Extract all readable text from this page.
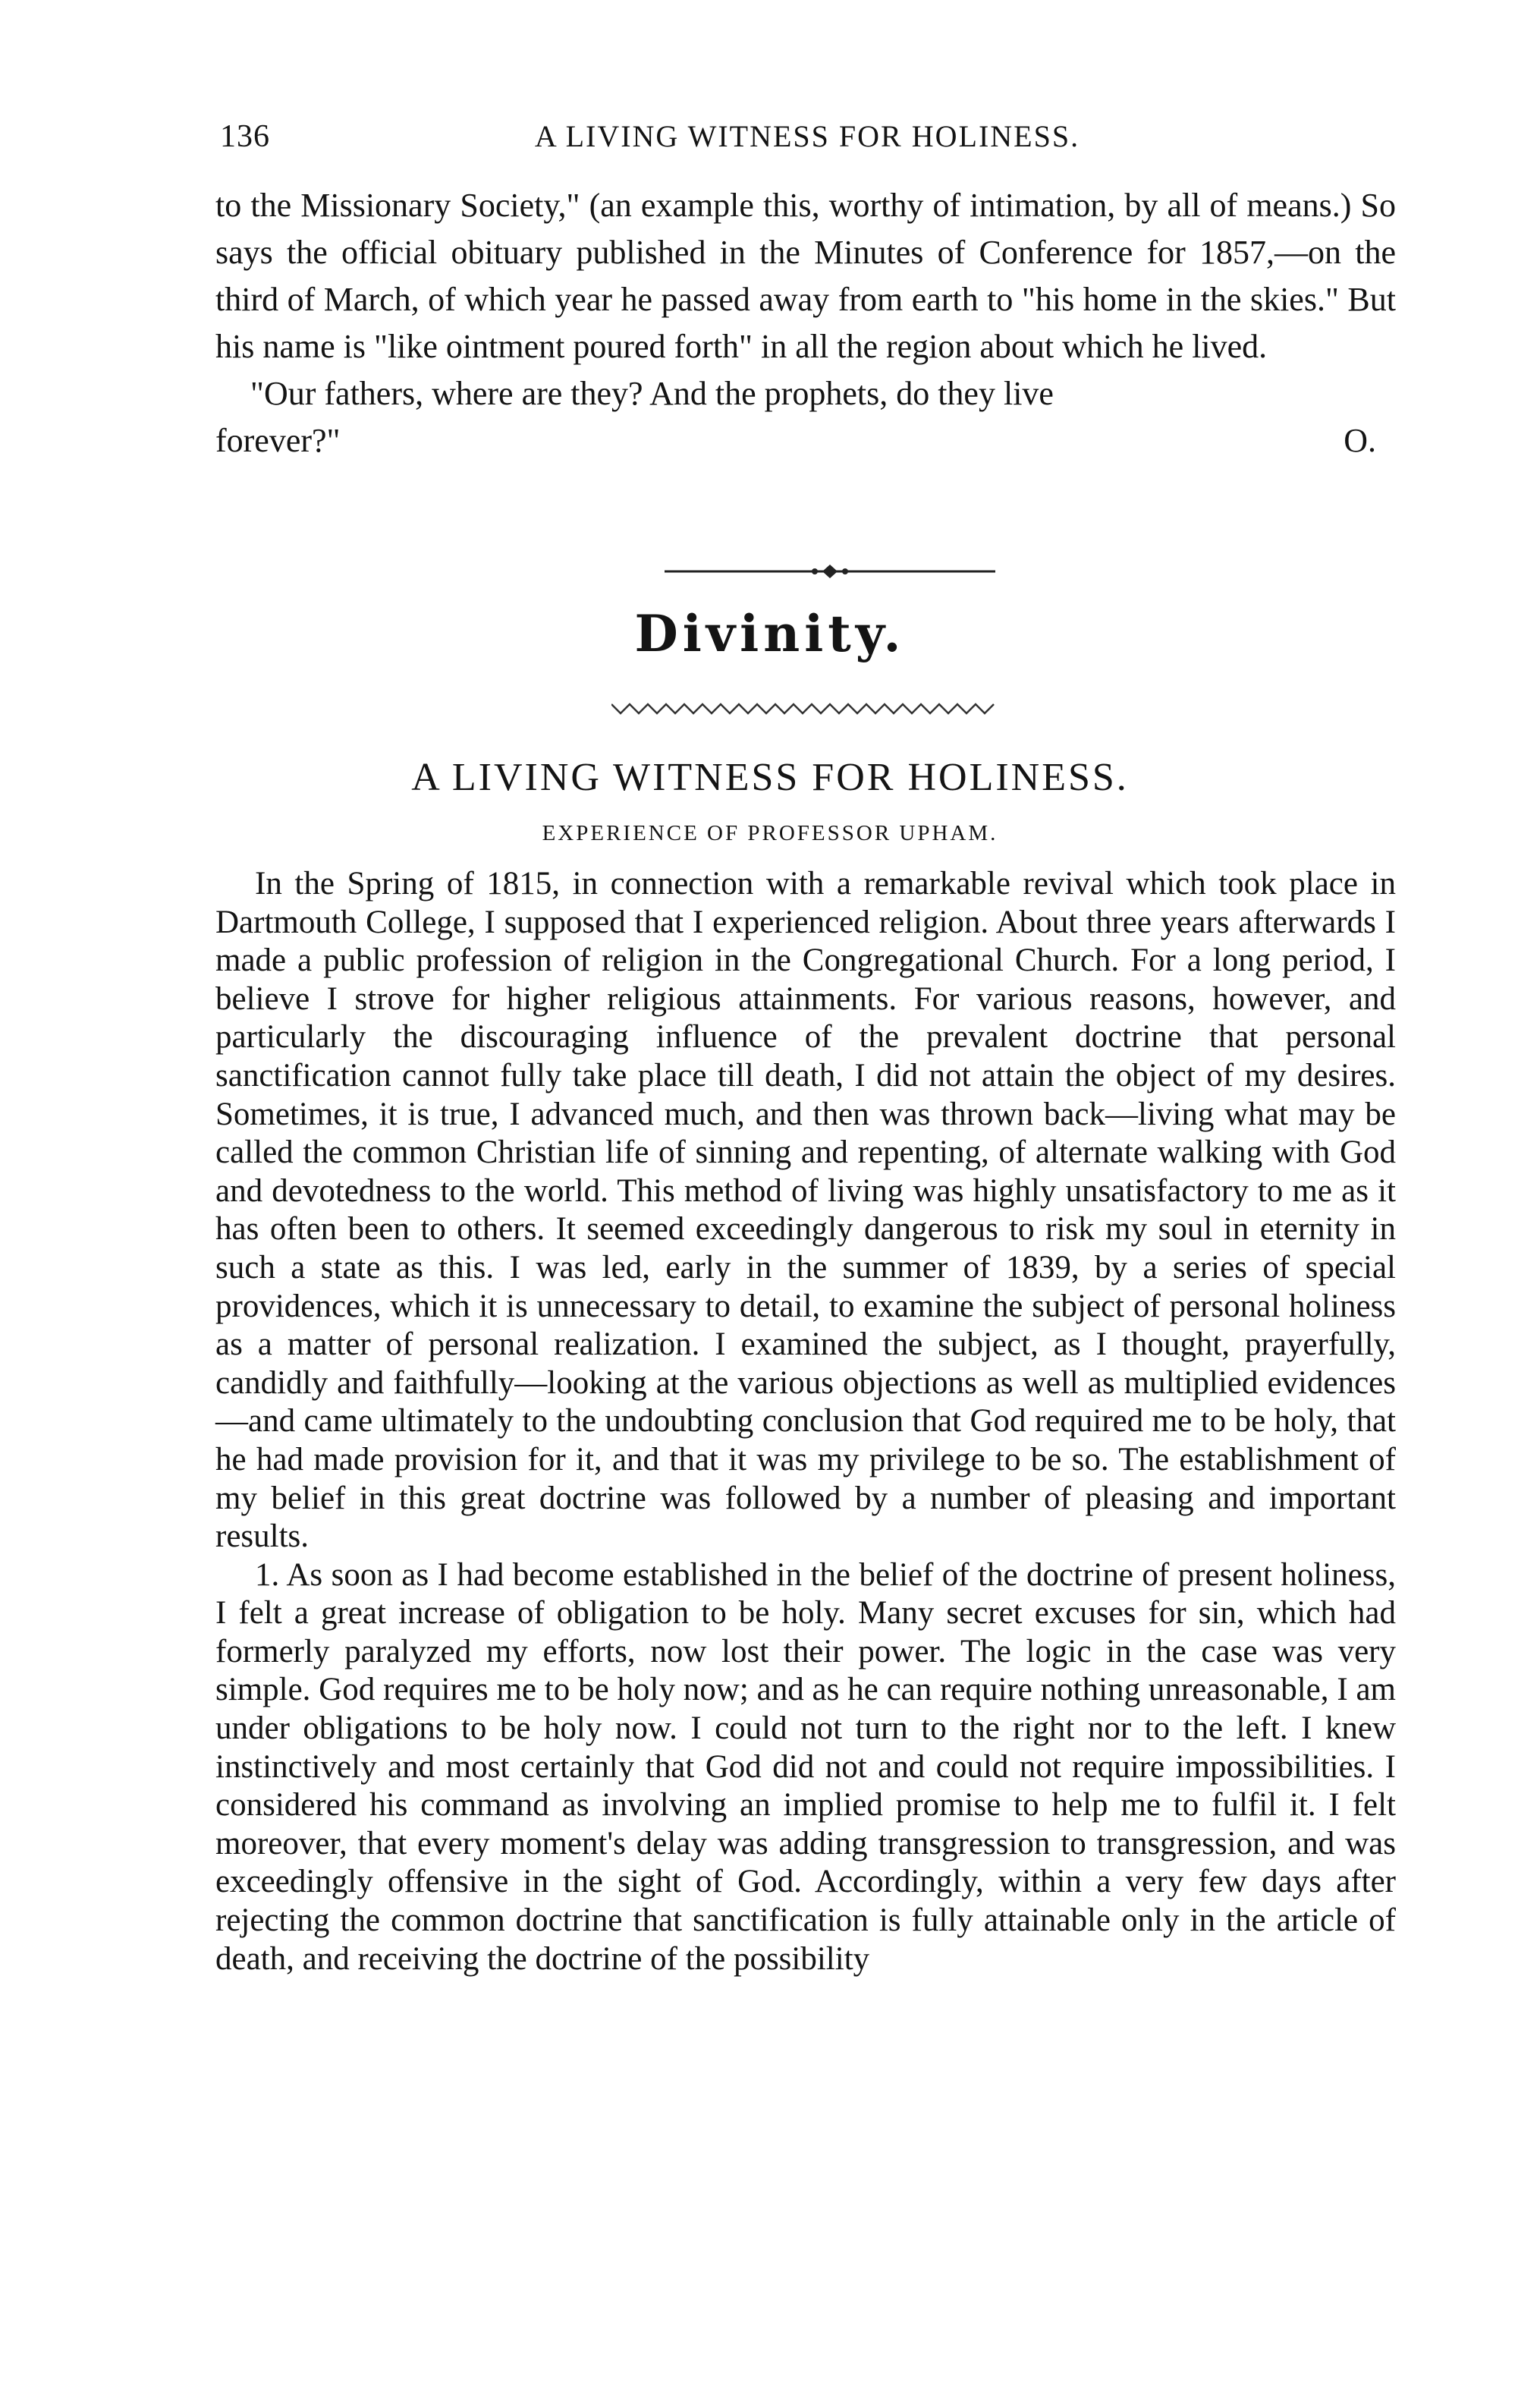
136	A LIVING WITNESS FOR HOLINESS.

to the Missionary Society," (an example this, worthy of intimation, by all of means.) So says the official obituary published in the Minutes of Conference for 1857,—on the third of March, of which year he passed away from earth to "his home in the skies." But his name is "like ointment poured forth" in all the region about which he lived.

"Our fathers, where are they? And the prophets, do they live

forever?"	O.
Divinity.
A LIVING WITNESS FOR HOLINESS.
EXPERIENCE OF PROFESSOR UPHAM.

In the Spring of 1815, in connection with a remarkable revival which took place in Dartmouth College, I supposed that I experienced religion. About three years afterwards I made a public profession of religion in the Congregational Church. For a long period, I believe I strove for higher religious attainments. For various reasons, however, and particularly the discouraging influence of the prevalent doctrine that personal sanctification cannot fully take place till death, I did not attain the object of my desires. Sometimes, it is true, I advanced much, and then was thrown back—living what may be called the common Christian life of sinning and repenting, of alternate walking with God and devotedness to the world. This method of living was highly unsatisfactory to me as it has often been to others. It seemed exceedingly dangerous to risk my soul in eternity in such a state as this. I was led, early in the summer of 1839, by a series of special providences, which it is unnecessary to detail, to examine the subject of personal holiness as a matter of personal realization. I examined the subject, as I thought, prayerfully, candidly and faithfully—looking at the various objections as well as multiplied evidences—and came ultimately to the undoubting conclusion that God required me to be holy, that he had made provision for it, and that it was my privilege to be so. The establishment of my belief in this great doctrine was followed by a number of pleasing and important results.

1. As soon as I had become established in the belief of the doctrine of present holiness, I felt a great increase of obligation to be holy. Many secret excuses for sin, which had formerly paralyzed my efforts, now lost their power. The logic in the case was very simple. God requires me to be holy now; and as he can require nothing unreasonable, I am under obligations to be holy now. I could not turn to the right nor to the left. I knew instinctively and most certainly that God did not and could not require impossibilities. I considered his command as involving an implied promise to help me to fulfil it. I felt moreover, that every moment's delay was adding transgression to transgression, and was exceedingly offensive in the sight of God. Accordingly, within a very few days after rejecting the common doctrine that sanctification is fully attainable only in the article of death, and receiving the doctrine of the possibility
